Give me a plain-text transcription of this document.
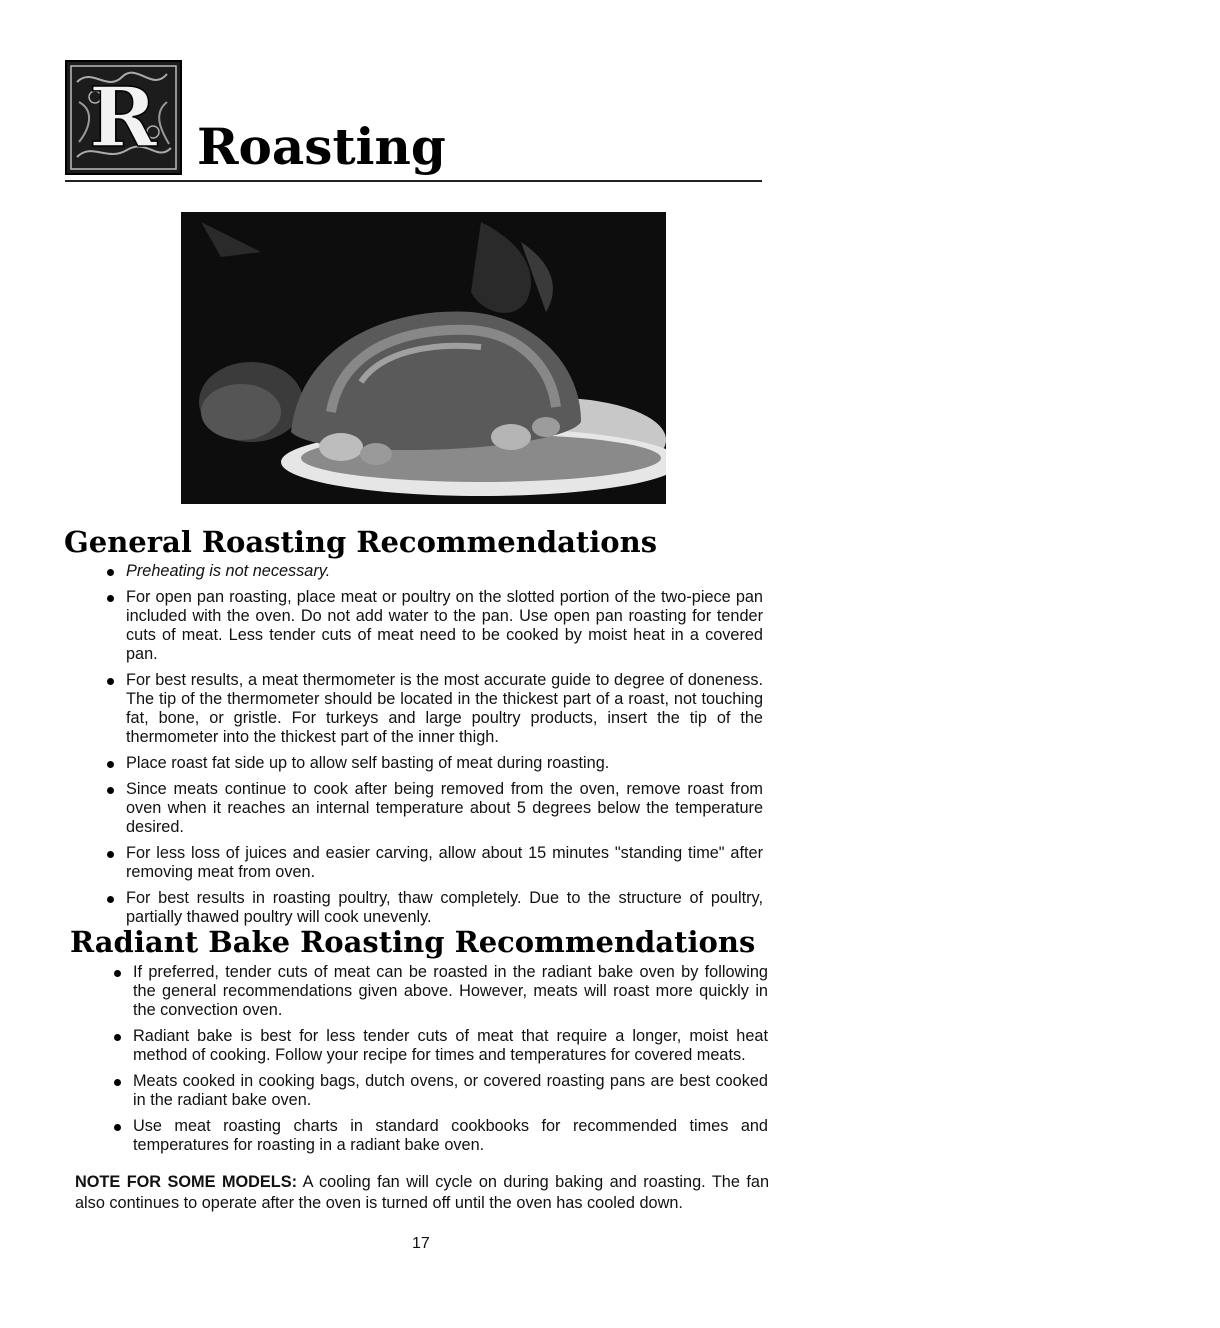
R Roasting
General Roasting Recommendations
Preheating is not necessary.
For open pan roasting, place meat or poultry on the slotted portion of the two-piece pan included with the oven. Do not add water to the pan. Use open pan roasting for tender cuts of meat. Less tender cuts of meat need to be cooked by moist heat in a covered pan.
For best results, a meat thermometer is the most accurate guide to degree of doneness. The tip of the thermometer should be located in the thickest part of a roast, not touching fat, bone, or gristle. For turkeys and large poultry products, insert the tip of the thermometer into the thickest part of the inner thigh.
Place roast fat side up to allow self basting of meat during roasting.
Since meats continue to cook after being removed from the oven, remove roast from oven when it reaches an internal temperature about 5 degrees below the temperature desired.
For less loss of juices and easier carving, allow about 15 minutes "standing time" after removing meat from oven.
For best results in roasting poultry, thaw completely. Due to the structure of poultry, partially thawed poultry will cook unevenly.
Radiant Bake Roasting Recommendations
If preferred, tender cuts of meat can be roasted in the radiant bake oven by following the general recommendations given above. However, meats will roast more quickly in the convection oven.
Radiant bake is best for less tender cuts of meat that require a longer, moist heat method of cooking. Follow your recipe for times and temperatures for covered meats.
Meats cooked in cooking bags, dutch ovens, or covered roasting pans are best cooked in the radiant bake oven.
Use meat roasting charts in standard cookbooks for recommended times and temperatures for roasting in a radiant bake oven.

NOTE FOR SOME MODELS: A cooling fan will cycle on during baking and roasting. The fan also continues to operate after the oven is turned off until the oven has cooled down.

17
